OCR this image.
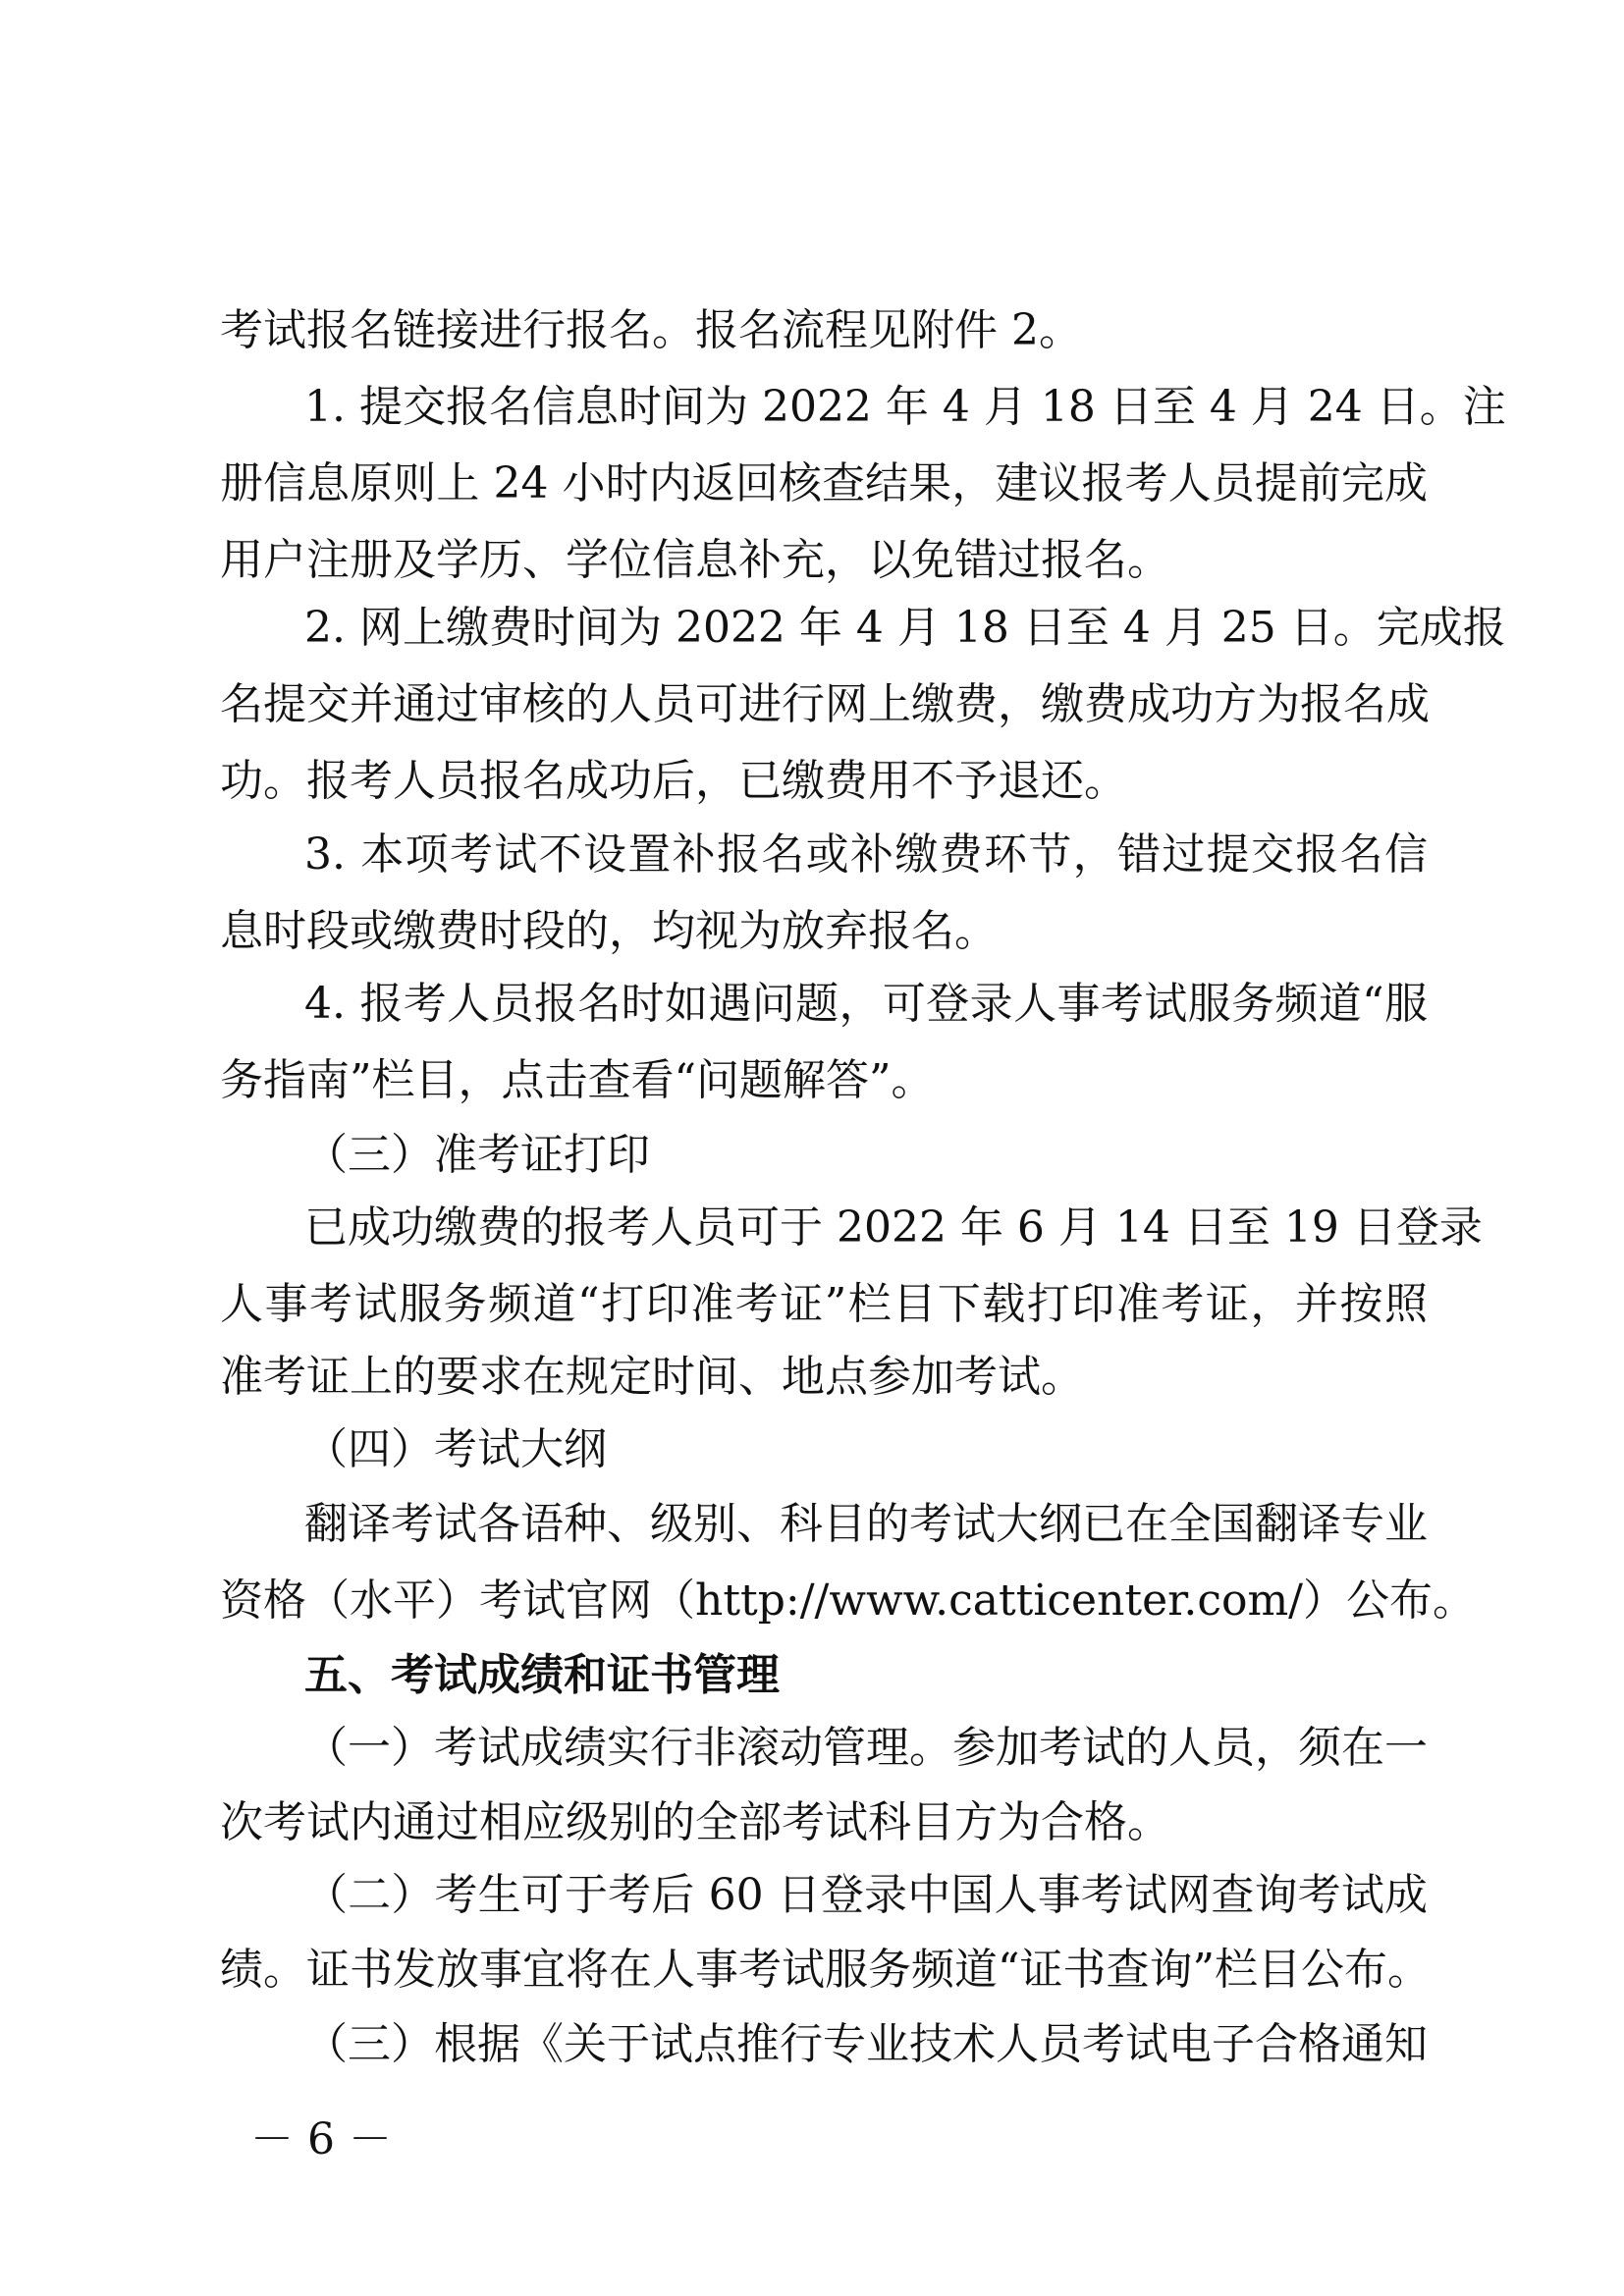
考试报名链接进行报名。报名流程见附件 2。
1. 提交报名信息时间为 2022 年 4 月 18 日至 4 月 24 日。注
册信息原则上 24 小时内返回核查结果，建议报考人员提前完成
用户注册及学历、学位信息补充，以免错过报名。
2. 网上缴费时间为 2022 年 4 月 18 日至 4 月 25 日。完成报
名提交并通过审核的人员可进行网上缴费，缴费成功方为报名成
功。报考人员报名成功后，已缴费用不予退还。
3. 本项考试不设置补报名或补缴费环节，错过提交报名信
息时段或缴费时段的，均视为放弃报名。
4. 报考人员报名时如遇问题，可登录人事考试服务频道“服
务指南”栏目，点击查看“问题解答”。
（三）准考证打印
已成功缴费的报考人员可于 2022 年 6 月 14 日至 19 日登录
人事考试服务频道“打印准考证”栏目下载打印准考证，并按照
准考证上的要求在规定时间、地点参加考试。
（四）考试大纲
翻译考试各语种、级别、科目的考试大纲已在全国翻译专业
资格（水平）考试官网（http://www.catticenter.com/）公布。
五、考试成绩和证书管理
（一）考试成绩实行非滚动管理。参加考试的人员，须在一
次考试内通过相应级别的全部考试科目方为合格。
（二）考生可于考后 60 日登录中国人事考试网查询考试成
绩。证书发放事宜将在人事考试服务频道“证书查询”栏目公布。
（三）根据《关于试点推行专业技术人员考试电子合格通知
－ 6 －
